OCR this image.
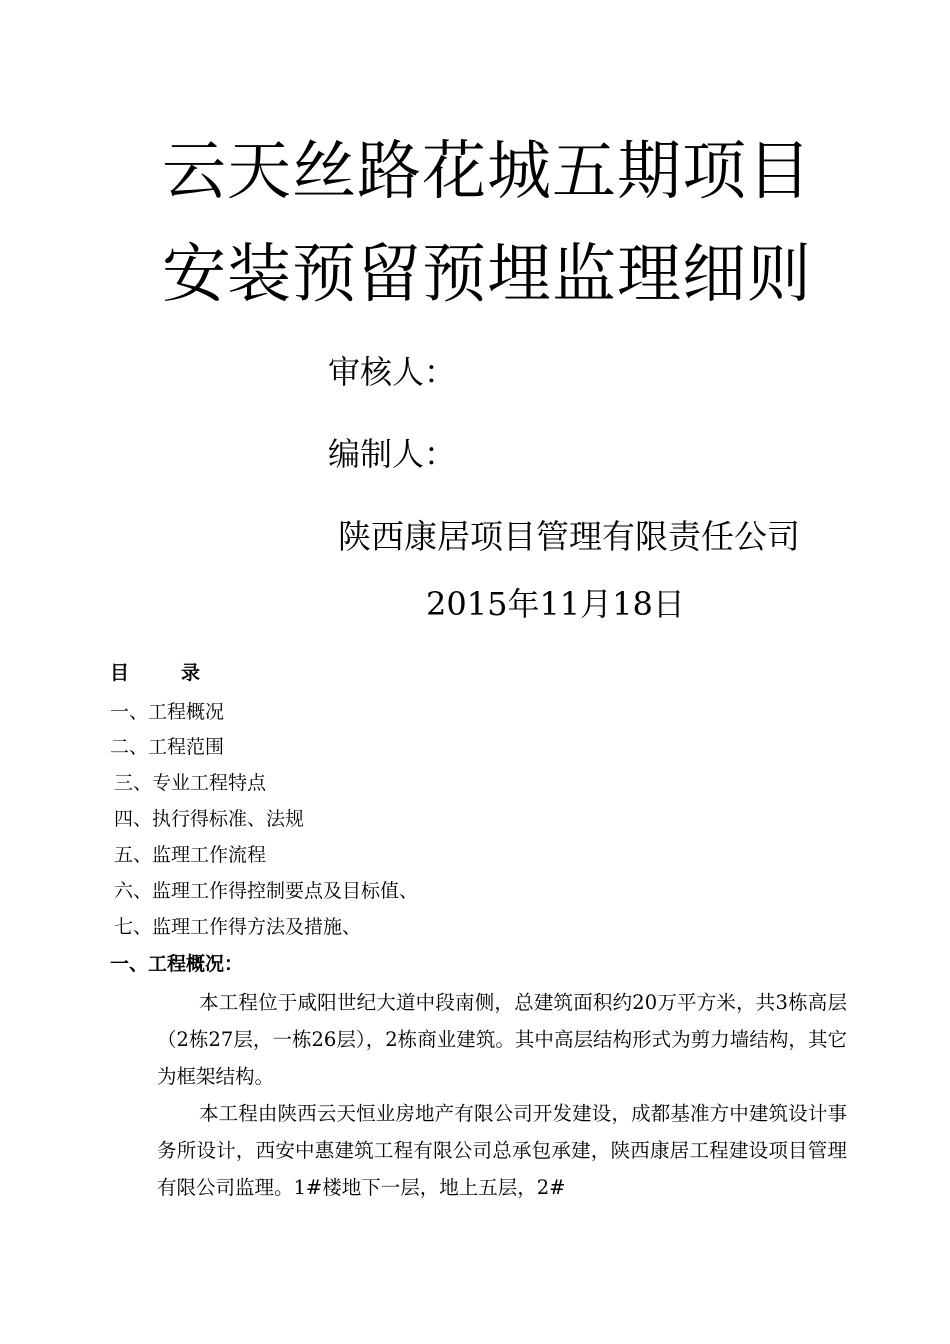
云天丝路花城五期项目
安装预留预埋监理细则
审核人：
编制人：
陕西康居项目管理有限责任公司
2015年11月18日
目	录
一、工程概况
二、工程范围
三、专业工程特点
四、执行得标准、法规
五、监理工作流程
六、监理工作得控制要点及目标值、
七、监理工作得方法及措施、
一、工程概况：

本工程位于咸阳世纪大道中段南侧，总建筑面积约20万平方米，共3栋高层（2栋27层，一栋26层），2栋商业建筑。其中高层结构形式为剪力墙结构，其它为框架结构。

本工程由陕西云天恒业房地产有限公司开发建设，成都基准方中建筑设计事务所设计，西安中惠建筑工程有限公司总承包承建，陕西康居工程建设项目管理有限公司监理。1#楼地下一层，地上五层，2#
